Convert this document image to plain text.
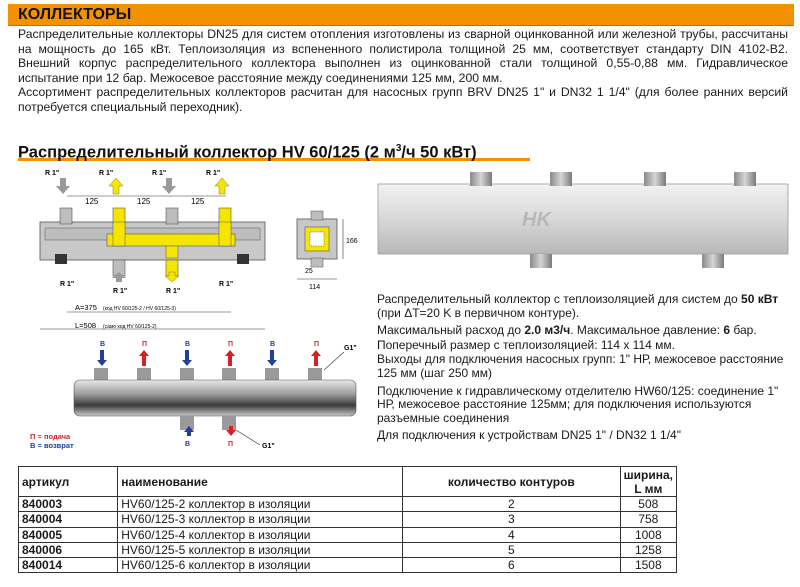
КОЛЛЕКТОРЫ

Распределительные коллекторы DN25 для систем отопления изготовлены из сварной оцинкованной или железной трубы, рассчитаны на мощность до 165 кВт. Теплоизоляция из вспененного полистирола толщиной 25 мм, соответствует стандарту DIN 4102-B2. Внешний корпус распределительного коллектора выполнен из оцинкованной стали толщиной 0,55-0,88 мм. Гидравлическое испытание при 12 бар. Межосевое расстояние между соединениями 125 мм, 200 мм.

Ассортимент распределительных коллекторов расчитан для насосных групп BRV DN25 1" и DN32 1 1/4" (для более ранних версий потребуется специальный переходник).

Распределительный коллектор HV 60/125 (2 $м^3/ч$ 50 кВт)
R 1"	R 1"	R 1"	R 1"
125	125	125
R 1"	R 1"
R 1"	R 1"
A=375 (код HV 60/125-2 / HV 60/125-3)
L=508 (само код HV 60/125-2)
166
25
114
HK
В	П	В	П	В	П
G1"
В	П	G1"
П = подача
В = возврат

Распределительный коллектор с теплоизоляцией для систем до 50 кВт (при ΔT=20 K в первичном контуре).

Максимальный расход до 2.0 м3/ч. Максимальное давление: 6 бар.

Поперечный размер с теплоизоляцией: 114 х 114 мм.

Выходы для подключения насосных групп: 1" НР, межосевое расстояние 125 мм (шаг 250 мм)

Подключение к гидравлическому отделителю HW60/125: соединение 1" НР, межосевое расстояние 125мм; для подключения используются разъемные соединения

Для подключения к устройствам DN25 1" / DN32 1 1/4"

артикул	наименование	количество контуров	ширина, L мм
840003	HV60/125-2 коллектор в изоляции	2	508
840004	HV60/125-3 коллектор в изоляции	3	758
840005	HV60/125-4 коллектор в изоляции	4	1008
840006	HV60/125-5 коллектор в изоляции	5	1258
840014	HV60/125-6 коллектор в изоляции	6	1508
